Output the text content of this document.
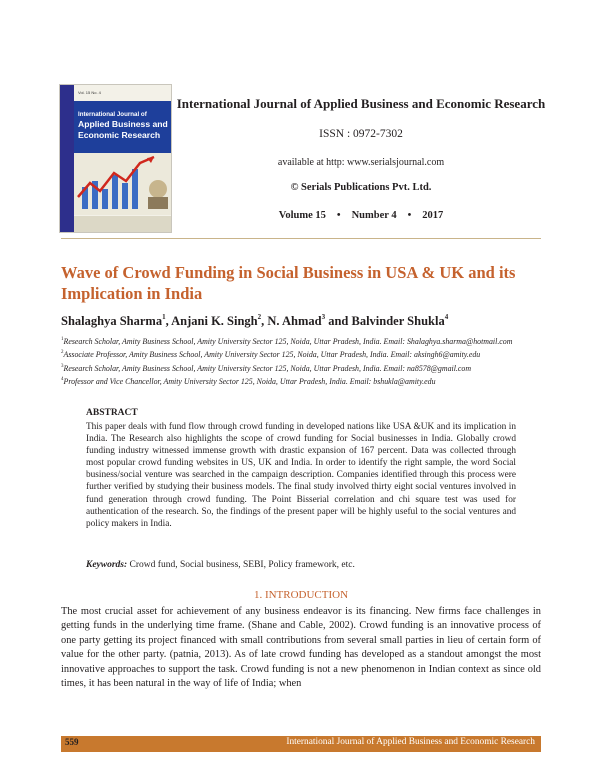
Vol. 15 No. 4
International Journal of
Applied Business and
Economic Research
International Journal of Applied Business and Economic Research
ISSN : 0972-7302
available at http: www.serialsjournal.com
© Serials Publications Pvt. Ltd.
Volume 15 • Number 4 • 2017
Wave of Crowd Funding in Social Business in USA & UK and its
Implication in India
Shalaghya Sharma$^1$, Anjani K. Singh$^2$, N. Ahmad$^3$ and Balvinder Shukla$^4$
$^1$Research Scholar, Amity Business School, Amity University Sector 125, Noida, Uttar Pradesh, India. Email: Shalaghya.sharma@hotmail.com
$^2$Associate Professor, Amity Business School, Amity University Sector 125, Noida, Uttar Pradesh, India. Email: aksingh6@amity.edu
$^3$Research Scholar, Amity Business School, Amity University Sector 125, Noida, Uttar Pradesh, India. Email: na8578@gmail.com
$^4$Professor and Vice Chancellor, Amity University Sector 125, Noida, Uttar Pradesh, India. Email: bshukla@amity.edu
ABSTRACT
This paper deals with fund flow through crowd funding in developed nations like USA &UK and its implication in India. The Research also highlights the scope of crowd funding for Social businesses in India. Globally crowd funding industry witnessed immense growth with drastic expansion of 167 percent. Data was collected through most popular crowd funding websites in US, UK and India. In order to identify the right sample, the word Social business/social venture was searched in the campaign description. Companies identified through this process were further verified by studying their business models. The final study involved thirty eight social ventures involved in fund generation through crowd funding. The Point Bisserial correlation and chi square test was used for authentication of the research. So, the findings of the present paper will be highly useful to the social ventures and policy makers in India.
Keywords: Crowd fund, Social business, SEBI, Policy framework, etc.
1. INTRODUCTION
The most crucial asset for achievement of any business endeavor is its financing. New firms face challenges in getting funds in the underlying time frame. (Shane and Cable, 2002). Crowd funding is an innovative process of one party getting its project financed with small contributions from several small parties in lieu of certain form of value for the other party. (patnia, 2013). As of late crowd funding has developed as a standout amongst the most innovative approaches to support the task. Crowd funding is not a new phenomenon in Indian context as since old times, it has been natural in the way of life of India; when
559	International Journal of Applied Business and Economic Research
